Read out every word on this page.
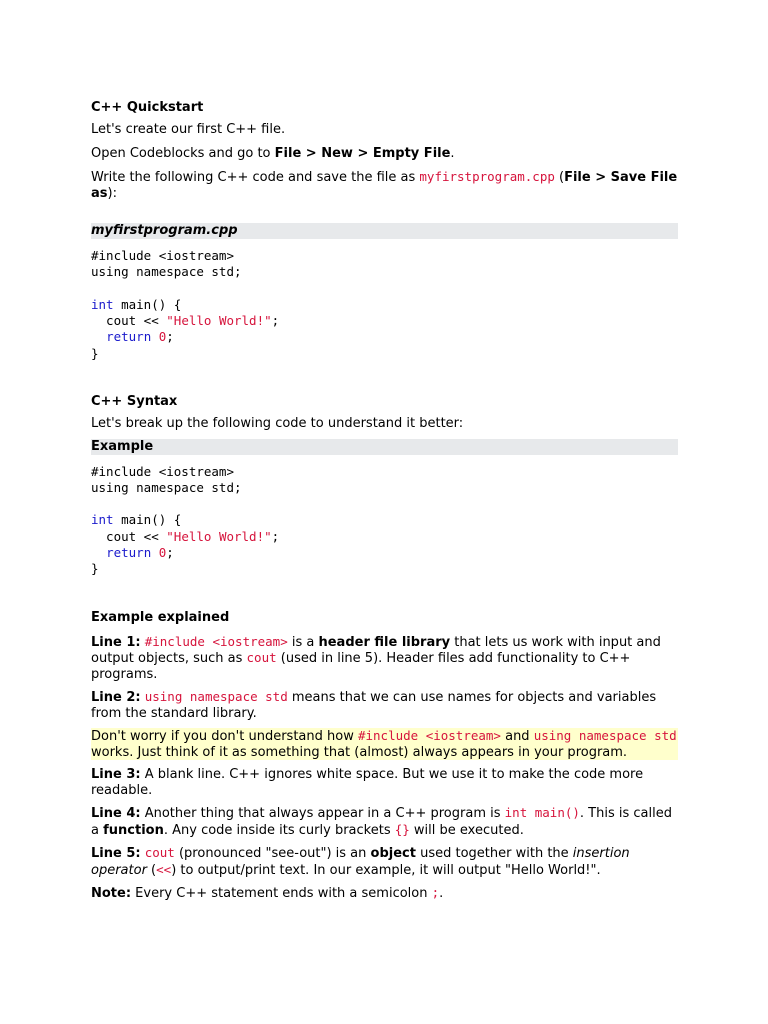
C++ Quickstart

Let's create our first C++ file.

Open Codeblocks and go to File > New > Empty File.

Write the following C++ code and save the file as myfirstprogram.cpp (File > Save File as):

myfirstprogram.cpp
#include <iostream>
using namespace std;

int main() {
cout << "Hello World!";
return 0;
}
C++ Syntax

Let's break up the following code to understand it better:

Example
#include <iostream>
using namespace std;

int main() {
cout << "Hello World!";
return 0;
}
Example explained

Line 1: #include <iostream> is a header file library that lets us work with input and output objects, such as cout (used in line 5). Header files add functionality to C++ programs.

Line 2: using namespace std means that we can use names for objects and variables from the standard library.

Don't worry if you don't understand how #include <iostream> and using namespace std works. Just think of it as something that (almost) always appears in your program.

Line 3: A blank line. C++ ignores white space. But we use it to make the code more readable.

Line 4: Another thing that always appear in a C++ program is int main(). This is called a function. Any code inside its curly brackets {} will be executed.

Line 5: cout (pronounced "see-out") is an object used together with the insertion operator (<<) to output/print text. In our example, it will output "Hello World!".

Note: Every C++ statement ends with a semicolon ;.
